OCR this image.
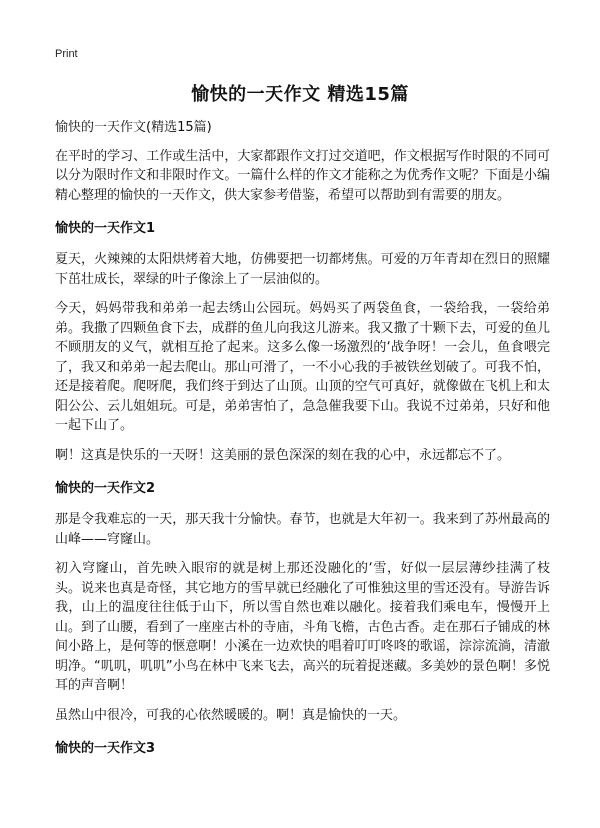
Print
愉快的一天作文 精选15篇

愉快的一天作文(精选15篇)

在平时的学习、工作或生活中，大家都跟作文打过交道吧，作文根据写作时限的不同可以分为限时作文和非限时作文。一篇什么样的作文才能称之为优秀作文呢？下面是小编精心整理的愉快的一天作文，供大家参考借鉴，希望可以帮助到有需要的朋友。

愉快的一天作文1

夏天，火辣辣的太阳烘烤着大地，仿佛要把一切都烤焦。可爱的万年青却在烈日的照耀下茁壮成长，翠绿的叶子像涂上了一层油似的。

今天，妈妈带我和弟弟一起去绣山公园玩。妈妈买了两袋鱼食，一袋给我，一袋给弟弟。我撒了四颗鱼食下去，成群的鱼儿向我这儿游来。我又撒了十颗下去，可爱的鱼儿不顾朋友的义气，就相互抢了起来。这多么像一场激烈的‘战争呀！一会儿，鱼食喂完了，我又和弟弟一起去爬山。那山可滑了，一不小心我的手被铁丝划破了。可我不怕，还是接着爬。爬呀爬，我们终于到达了山顶。山顶的空气可真好，就像做在飞机上和太阳公公、云儿姐姐玩。可是，弟弟害怕了，急急催我要下山。我说不过弟弟，只好和他一起下山了。

啊！这真是快乐的一天呀！这美丽的景色深深的刻在我的心中，永远都忘不了。

愉快的一天作文2

那是令我难忘的一天，那天我十分愉快。春节，也就是大年初一。我来到了苏州最高的山峰——穹窿山。

初入穹窿山，首先映入眼帘的就是树上那还没融化的‘雪，好似一层层薄纱挂满了枝头。说来也真是奇怪，其它地方的雪早就已经融化了可惟独这里的雪还没有。导游告诉我，山上的温度往往低于山下，所以雪自然也难以融化。接着我们乘电车，慢慢开上山。到了山腰，看到了一座座古朴的寺庙，斗角飞檐，古色古香。走在那石子铺成的林间小路上，是何等的惬意啊！小溪在一边欢快的唱着叮叮咚咚的歌谣，淙淙流淌，清澈明净。“叽叽，叽叽”小鸟在林中飞来飞去，高兴的玩着捉迷藏。多美妙的景色啊！多悦耳的声音啊！

虽然山中很冷，可我的心依然暖暖的。啊！真是愉快的一天。

愉快的一天作文3
